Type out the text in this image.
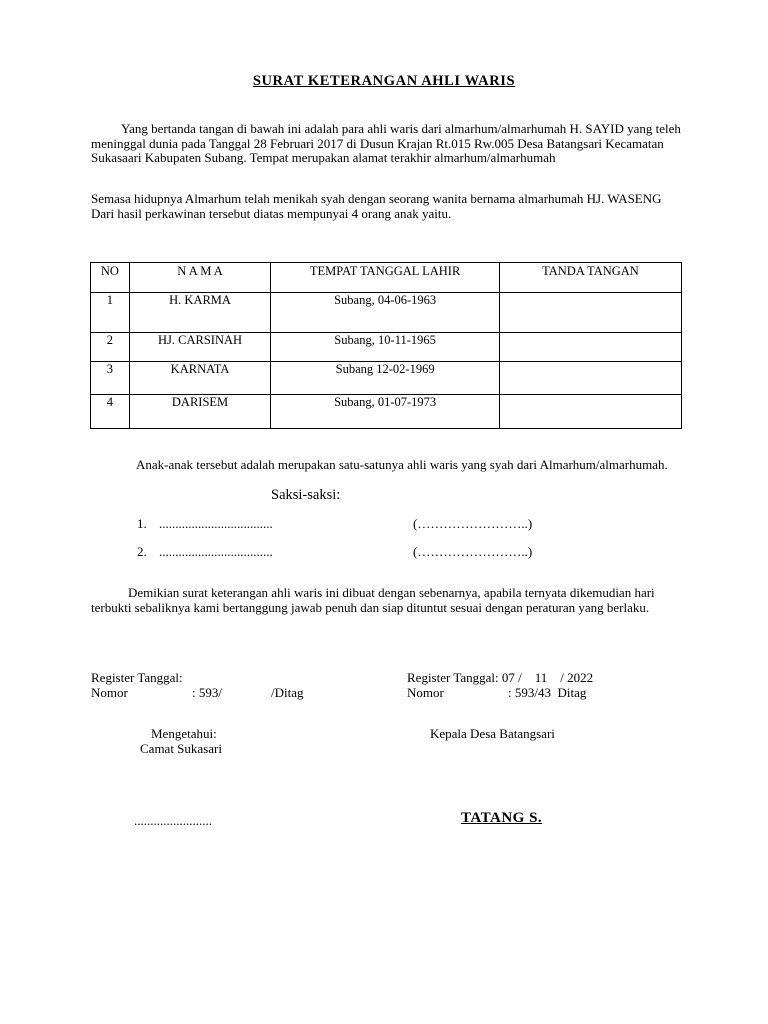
SURAT KETERANGAN AHLI WARIS
Yang bertanda tangan di bawah ini adalah para ahli waris dari almarhum/almarhumah H. SAYID yang teleh meninggal dunia pada Tanggal 28 Februari 2017 di Dusun Krajan Rt.015 Rw.005 Desa Batangsari Kecamatan Sukasaari Kabupaten Subang. Tempat merupakan alamat terakhir almarhum/almarhumah
Semasa hidupnya Almarhum telah menikah syah dengan seorang wanita bernama almarhumah HJ. WASENG Dari hasil perkawinan tersebut diatas mempunyai 4 orang anak yaitu.
NO	N A M A	TEMPAT TANGGAL LAHIR	TANDA TANGAN
1	H. KARMA	Subang, 04-06-1963	
2	HJ. CARSINAH	Subang, 10-11-1965	
3	KARNATA	Subang 12-02-1969	
4	DARISEM	Subang, 01-07-1973	
Anak-anak tersebut adalah merupakan satu-satunya ahli waris yang syah dari Almarhum/almarhumah.
Saksi-saksi:
1. ...................................	(……………………..)
2. ...................................	(……………………..)
Demikian surat keterangan ahli waris ini dibuat dengan sebenarnya, apabila ternyata dikemudian hari terbukti sebaliknya kami bertanggung jawab penuh dan siap dituntut sesuai dengan peraturan yang berlaku.
Register Tanggal:
Nomor	: 593/	/Ditag
Register Tanggal: 07 /    11    / 2022
Nomor	: 593/43  Ditag
Mengetahui:
Camat Sukasari
........................
Kepala Desa Batangsari
TATANG S.
